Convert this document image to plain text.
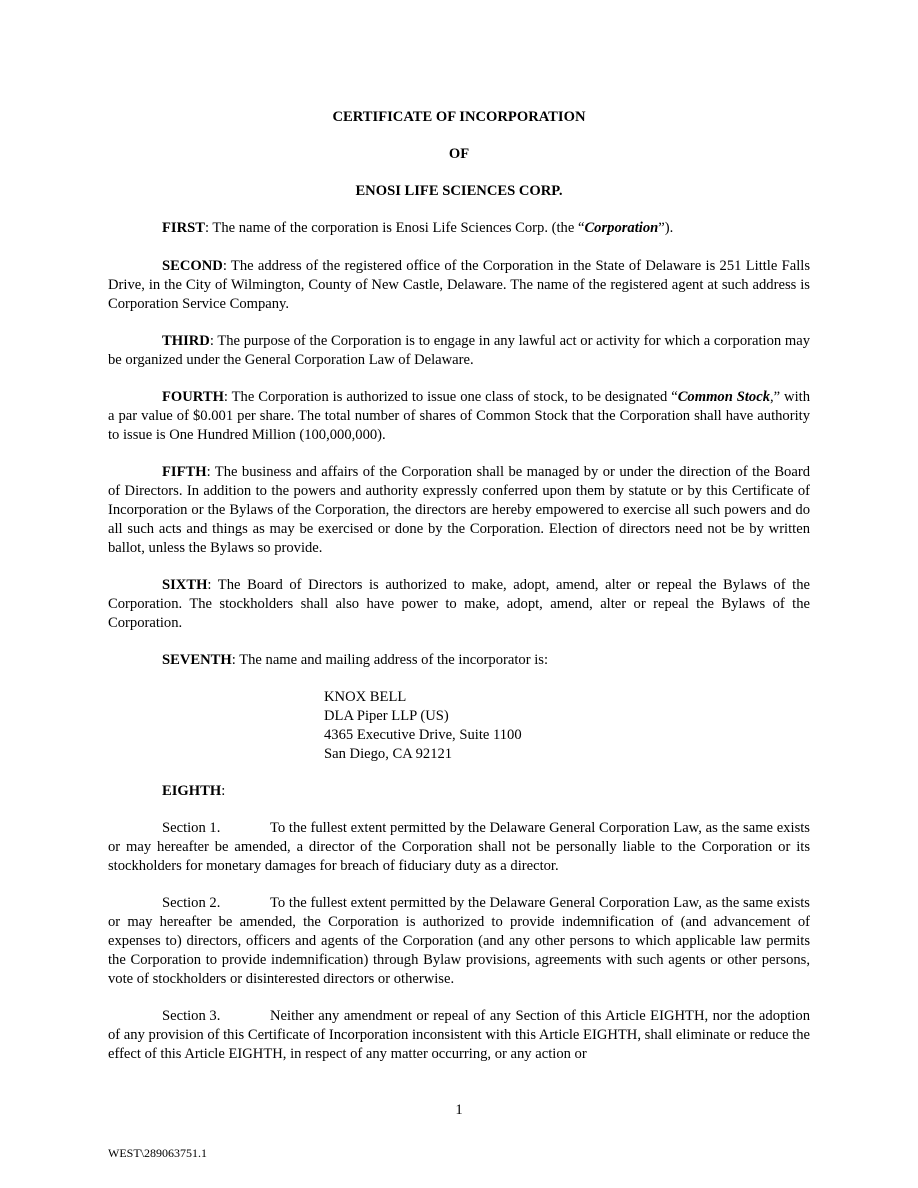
CERTIFICATE OF INCORPORATION
OF
ENOSI LIFE SCIENCES CORP.
FIRST: The name of the corporation is Enosi Life Sciences Corp. (the “Corporation”).
SECOND: The address of the registered office of the Corporation in the State of Delaware is 251 Little Falls Drive, in the City of Wilmington, County of New Castle, Delaware. The name of the registered agent at such address is Corporation Service Company.
THIRD: The purpose of the Corporation is to engage in any lawful act or activity for which a corporation may be organized under the General Corporation Law of Delaware.
FOURTH: The Corporation is authorized to issue one class of stock, to be designated “Common Stock,” with a par value of $0.001 per share. The total number of shares of Common Stock that the Corporation shall have authority to issue is One Hundred Million (100,000,000).
FIFTH: The business and affairs of the Corporation shall be managed by or under the direction of the Board of Directors. In addition to the powers and authority expressly conferred upon them by statute or by this Certificate of Incorporation or the Bylaws of the Corporation, the directors are hereby empowered to exercise all such powers and do all such acts and things as may be exercised or done by the Corporation. Election of directors need not be by written ballot, unless the Bylaws so provide.
SIXTH: The Board of Directors is authorized to make, adopt, amend, alter or repeal the Bylaws of the Corporation. The stockholders shall also have power to make, adopt, amend, alter or repeal the Bylaws of the Corporation.
SEVENTH: The name and mailing address of the incorporator is:
KNOX BELL
DLA Piper LLP (US)
4365 Executive Drive, Suite 1100
San Diego, CA 92121
EIGHTH:
Section 1.	To the fullest extent permitted by the Delaware General Corporation Law, as the same exists or may hereafter be amended, a director of the Corporation shall not be personally liable to the Corporation or its stockholders for monetary damages for breach of fiduciary duty as a director.
Section 2.	To the fullest extent permitted by the Delaware General Corporation Law, as the same exists or may hereafter be amended, the Corporation is authorized to provide indemnification of (and advancement of expenses to) directors, officers and agents of the Corporation (and any other persons to which applicable law permits the Corporation to provide indemnification) through Bylaw provisions, agreements with such agents or other persons, vote of stockholders or disinterested directors or otherwise.
Section 3.	Neither any amendment or repeal of any Section of this Article EIGHTH, nor the adoption of any provision of this Certificate of Incorporation inconsistent with this Article EIGHTH, shall eliminate or reduce the effect of this Article EIGHTH, in respect of any matter occurring, or any action or
1
WEST\289063751.1
